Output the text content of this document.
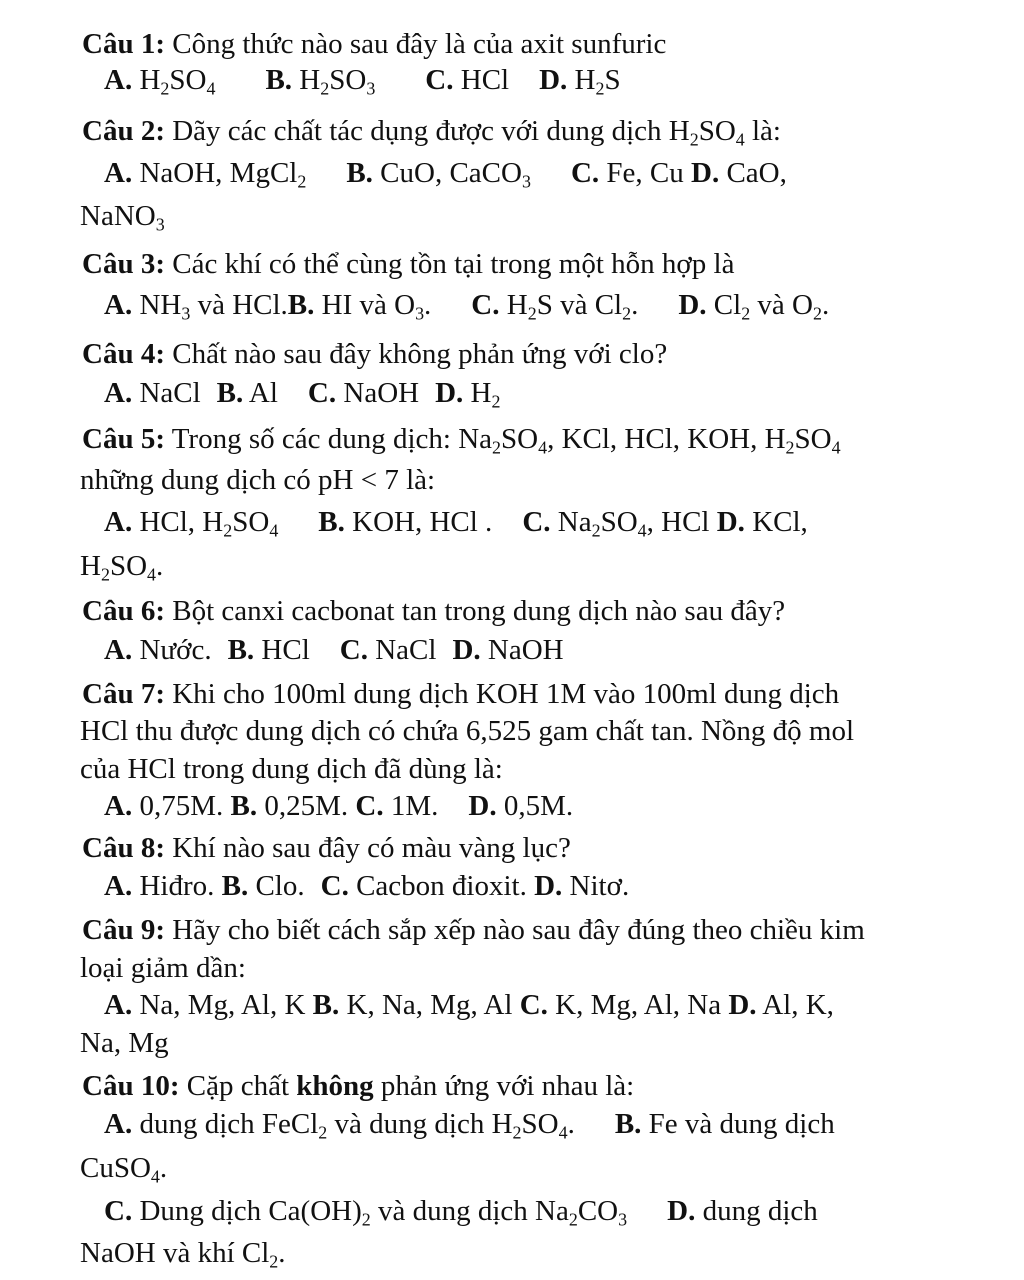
Câu 1: Công thức nào sau đây là của axit sunfuric
A. $H_2SO_4$ B. $H_2SO_3$ C. HCl D. $H_2S$
Câu 2: Dãy các chất tác dụng được với dung dịch $H_2SO_4$ là:
A. NaOH, MgCl$_2$ B. CuO, CaCO$_3$ C. Fe, Cu D. CaO,
NaNO$_3$
Câu 3: Các khí có thể cùng tồn tại trong một hỗn hợp là
A. $NH_3$ và HCl.B. HI và $O_3$. C. $H_2S$ và $Cl_2$. D. $Cl_2$ và $O_2$.
Câu 4: Chất nào sau đây không phản ứng với clo?
A. NaCl B. Al C. NaOH D. $H_2$
Câu 5: Trong số các dung dịch: $Na_2SO_4$, KCl, HCl, KOH, $H_2SO_4$
những dung dịch có pH < 7 là:
A. HCl, $H_2SO_4$ B. KOH, HCl . C. $Na_2SO_4$, HCl D. KCl,
$H_2SO_4$.
Câu 6: Bột canxi cacbonat tan trong dung dịch nào sau đây?
A. Nước. B. HCl C. NaCl D. NaOH
Câu 7: Khi cho 100ml dung dịch KOH 1M vào 100ml dung dịch
HCl thu được dung dịch có chứa 6,525 gam chất tan. Nồng độ mol
của HCl trong dung dịch đã dùng là:
A. 0,75M. B. 0,25M. C. 1M. D. 0,5M.
Câu 8: Khí nào sau đây có màu vàng lục?
A. Hiđro. B. Clo. C. Cacbon đioxit. D. Nitơ.
Câu 9: Hãy cho biết cách sắp xếp nào sau đây đúng theo chiều kim
loại giảm dần:
A. Na, Mg, Al, K B. K, Na, Mg, Al C. K, Mg, Al, Na D. Al, K,
Na, Mg
Câu 10: Cặp chất không phản ứng với nhau là:
A. dung dịch FeCl$_2$ và dung dịch $H_2SO_4$. B. Fe và dung dịch
CuSO$_4$.
C. Dung dịch $Ca(OH)_2$ và dung dịch $Na_2CO_3$ D. dung dịch
NaOH và khí $Cl_2$.
